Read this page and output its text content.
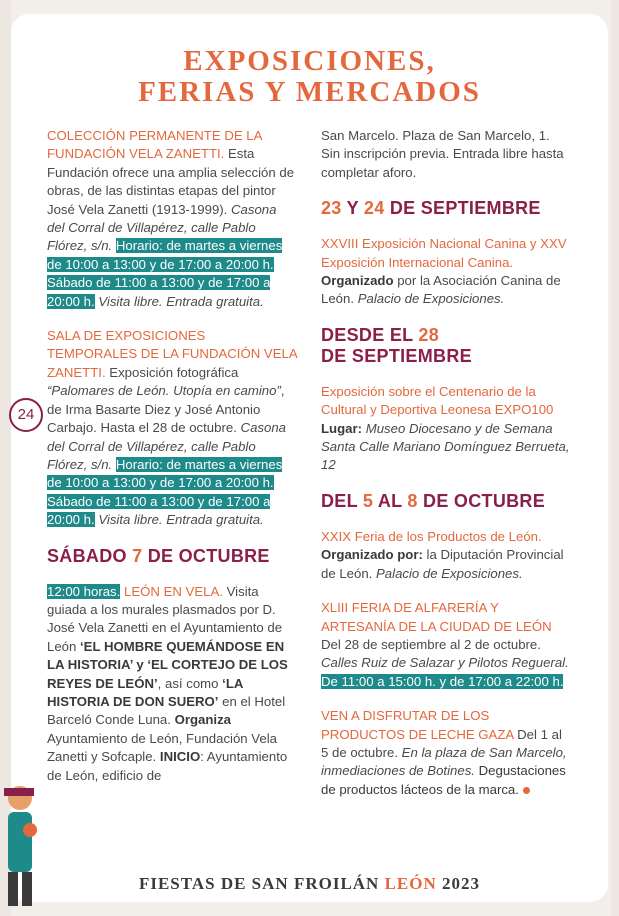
EXPOSICIONES,
FERIAS Y MERCADOS
24
COLECCIÓN PERMANENTE DE LA FUNDACIÓN VELA ZANETTI. Esta Fundación ofrece una amplia selección de obras, de las distintas etapas del pintor José Vela Zanetti (1913-1999). Casona del Corral de Villapérez, calle Pablo Flórez, s/n. Horario: de martes a viernes de 10:00 a 13:00 y de 17:00 a 20:00 h. Sábado de 11:00 a 13:00 y de 17:00 a 20:00 h. Visita libre. Entrada gratuita.
SALA DE EXPOSICIONES TEMPORALES DE LA FUNDACIÓN VELA ZANETTI. Exposición fotográfica “Palomares de León. Utopía en camino”, de Irma Basarte Diez y José Antonio Carbajo. Hasta el 28 de octubre. Casona del Corral de Villapérez, calle Pablo Flórez, s/n. Horario: de martes a viernes de 10:00 a 13:00 y de 17:00 a 20:00 h. Sábado de 11:00 a 13:00 y de 17:00 a 20:00 h. Visita libre. Entrada gratuita.
SÁBADO 7 DE OCTUBRE
12:00 horas. LEÓN EN VELA. Visita guiada a los murales plasmados por D. José Vela Zanetti en el Ayuntamiento de León ‘EL HOMBRE QUEMÁNDOSE EN LA HISTORIA’ y ‘EL CORTEJO DE LOS REYES DE LEÓN’, así como ‘LA HISTORIA DE DON SUERO’ en el Hotel Barceló Conde Luna. Organiza Ayuntamiento de León, Fundación Vela Zanetti y Sofcaple. INICIO: Ayuntamiento de León, edificio de
San Marcelo. Plaza de San Marcelo, 1. Sin inscripción previa. Entrada libre hasta completar aforo.
23 Y 24 DE SEPTIEMBRE
XXVIII Exposición Nacional Canina y XXV Exposición Internacional Canina. Organizado por la Asociación Canina de León. Palacio de Exposiciones.
DESDE EL 28
DE SEPTIEMBRE
Exposición sobre el Centenario de la Cultural y Deportiva Leonesa EXPO100 Lugar: Museo Diocesano y de Semana Santa Calle Mariano Domínguez Berrueta, 12
DEL 5 AL 8 DE OCTUBRE
XXIX Feria de los Productos de León. Organizado por: la Diputación Provincial de León. Palacio de Exposiciones.
XLIII FERIA DE ALFARERÍA Y ARTESANÍA DE LA CIUDAD DE LEÓN Del 28 de septiembre al 2 de octubre. Calles Ruiz de Salazar y Pilotos Regueral. De 11:00 a 15:00 h. y de 17:00 a 22:00 h.
VEN A DISFRUTAR DE LOS PRODUCTOS DE LECHE GAZA Del 1 al 5 de octubre. En la plaza de San Marcelo, inmediaciones de Botines. Degustaciones de productos lácteos de la marca.
FIESTAS DE SAN FROILÁN LEÓN 2023
